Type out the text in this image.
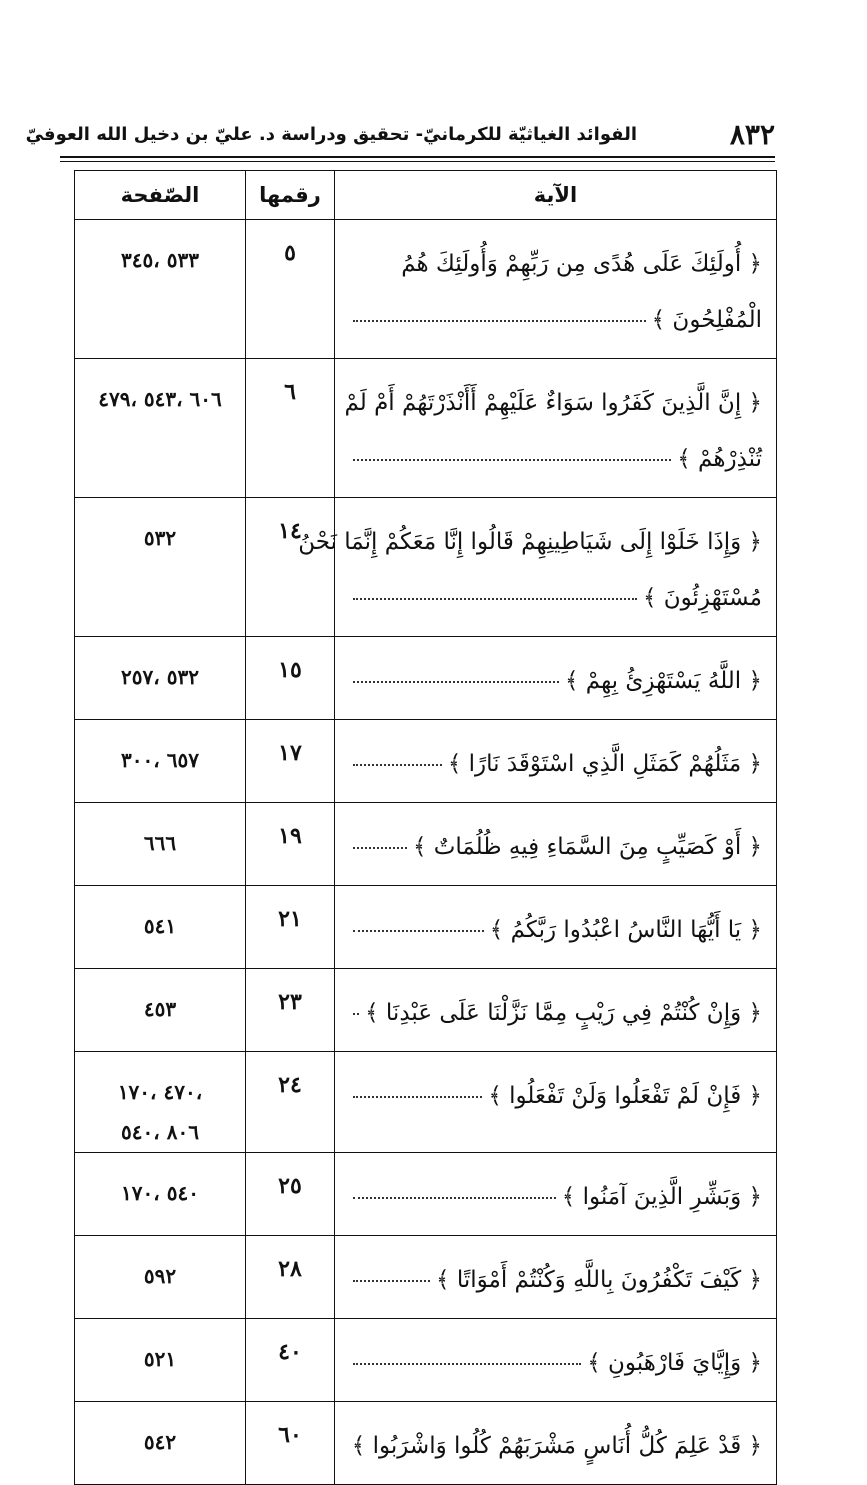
٨٣٢
الفوائد الغياثيّة للكرمانيّ- تحقيق ودراسة د. عليّ بن دخيل الله العوفيّ
الآية	رقمها	الصّفحة

﴿ أُولَئِكَ عَلَى هُدًى مِن رَبِّهِمْ وَأُولَئِكَ هُمُ
الْمُفْلِحُونَ ﴾	٥	٥٣٣ ،٣٤٥

﴿ إِنَّ الَّذِينَ كَفَرُوا سَوَاءٌ عَلَيْهِمْ أَأَنْذَرْتَهُمْ أَمْ لَمْ
تُنْذِرْهُمْ ﴾	٦	٦٠٦ ،٥٤٣ ،٤٧٩

﴿ وَإِذَا خَلَوْا إِلَى شَيَاطِينِهِمْ قَالُوا إِنَّا مَعَكُمْ إِنَّمَا نَحْنُ
مُسْتَهْزِئُونَ ﴾	١٤	٥٣٢

﴿ اللَّهُ يَسْتَهْزِئُ بِهِمْ ﴾	١٥	٥٣٢ ،٢٥٧

﴿ مَثَلُهُمْ كَمَثَلِ الَّذِي اسْتَوْقَدَ نَارًا ﴾	١٧	٦٥٧ ،٣٠٠

﴿ أَوْ كَصَيِّبٍ مِنَ السَّمَاءِ فِيهِ ظُلُمَاتٌ ﴾	١٩	٦٦٦

﴿ يَا أَيُّهَا النَّاسُ اعْبُدُوا رَبَّكُمُ ﴾	٢١	٥٤١

﴿ وَإِنْ كُنْتُمْ فِي رَيْبٍ مِمَّا نَزَّلْنَا عَلَى عَبْدِنَا ﴾	٢٣	٤٥٣

﴿ فَإِنْ لَمْ تَفْعَلُوا وَلَنْ تَفْعَلُوا ﴾	٢٤	،٤٧٠ ،١٧٠
٨٠٦ ،٥٤٠

﴿ وَبَشِّرِ الَّذِينَ آمَنُوا ﴾	٢٥	٥٤٠ ،١٧٠

﴿ كَيْفَ تَكْفُرُونَ بِاللَّهِ وَكُنْتُمْ أَمْوَاتًا ﴾	٢٨	٥٩٢

﴿ وَإِيَّايَ فَارْهَبُونِ ﴾	٤٠	٥٢١

﴿ قَدْ عَلِمَ كُلُّ أُنَاسٍ مَشْرَبَهُمْ كُلُوا وَاشْرَبُوا ﴾	٦٠	٥٤٢
